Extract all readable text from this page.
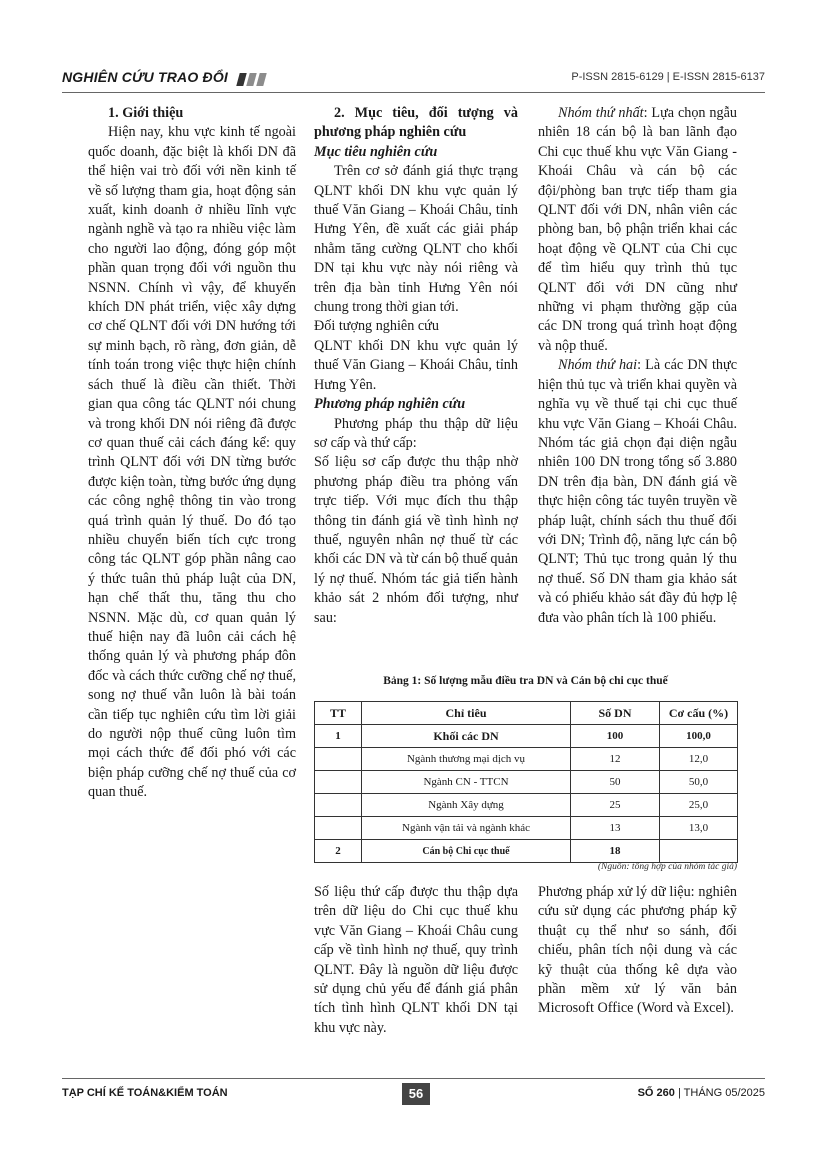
NGHIÊN CỨU TRAO ĐỔI	P-ISSN 2815-6129 | E-ISSN 2815-6137

1. Giới thiệu

Hiện nay, khu vực kinh tế ngoài quốc doanh, đặc biệt là khối DN đã thể hiện vai trò đối với nền kinh tế về số lượng tham gia, hoạt động sản xuất, kinh doanh ở nhiều lĩnh vực ngành nghề và tạo ra nhiều việc làm cho người lao động, đóng góp một phần quan trọng đối với nguồn thu NSNN. Chính vì vậy, để khuyến khích DN phát triển, việc xây dựng cơ chế QLNT đối với DN hướng tới sự minh bạch, rõ ràng, đơn giản, dễ tính toán trong việc thực hiện chính sách thuế là điều cần thiết. Thời gian qua công tác QLNT nói chung và trong khối DN nói riêng đã được cơ quan thuế cải cách đáng kể: quy trình QLNT đối với DN từng bước được kiện toàn, từng bước ứng dụng các công nghệ thông tin vào trong quá trình quản lý thuế. Do đó tạo nhiều chuyển biến tích cực trong công tác QLNT góp phần nâng cao ý thức tuân thủ pháp luật của DN, hạn chế thất thu, tăng thu cho NSNN. Mặc dù, cơ quan quản lý thuế hiện nay đã luôn cải cách hệ thống quản lý và phương pháp đôn đốc và cách thức cưỡng chế nợ thuế, song nợ thuế vẫn luôn là bài toán cần tiếp tục nghiên cứu tìm lời giải do người nộp thuế cũng luôn tìm mọi cách thức để đối phó với các biện pháp cưỡng chế nợ thuế của cơ quan thuế.

2. Mục tiêu, đối tượng và phương pháp nghiên cứu

Mục tiêu nghiên cứu

Trên cơ sở đánh giá thực trạng QLNT khối DN khu vực quản lý thuế Văn Giang – Khoái Châu, tỉnh Hưng Yên, đề xuất các giải pháp nhằm tăng cường QLNT cho khối DN tại khu vực này nói riêng và trên địa bàn tỉnh Hưng Yên nói chung trong thời gian tới.

Đối tượng nghiên cứu

QLNT khối DN khu vực quản lý thuế Văn Giang – Khoái Châu, tỉnh Hưng Yên.

Phương pháp nghiên cứu

Phương pháp thu thập dữ liệu sơ cấp và thứ cấp:

Số liệu sơ cấp được thu thập nhờ phương pháp điều tra phỏng vấn trực tiếp. Với mục đích thu thập thông tin đánh giá về tình hình nợ thuế, nguyên nhân nợ thuế từ các khối các DN và từ cán bộ thuế quản lý nợ thuế. Nhóm tác giả tiến hành khảo sát 2 nhóm đối tượng, như sau:

Nhóm thứ nhất: Lựa chọn ngẫu nhiên 18 cán bộ là ban lãnh đạo Chi cục thuế khu vực Văn Giang - Khoái Châu và cán bộ các đội/phòng ban trực tiếp tham gia QLNT đối với DN, nhân viên các phòng ban, bộ phận triển khai các hoạt động về QLNT của Chi cục để tìm hiểu quy trình thủ tục QLNT đối với DN cũng như những vi phạm thường gặp của các DN trong quá trình hoạt động và nộp thuế.

Nhóm thứ hai: Là các DN thực hiện thủ tục và triển khai quyền và nghĩa vụ về thuế tại chi cục thuế khu vực Văn Giang – Khoái Châu. Nhóm tác giả chọn đại diện ngẫu nhiên 100 DN trong tổng số 3.880 DN trên địa bàn, DN đánh giá về thực hiện công tác tuyên truyền về pháp luật, chính sách thu thuế đối với DN; Trình độ, năng lực cán bộ QLNT; Thủ tục trong quản lý thu nợ thuế. Số DN tham gia khảo sát và có phiếu khảo sát đầy đủ hợp lệ đưa vào phân tích là 100 phiếu.

Bảng 1: Số lượng mẫu điều tra DN và Cán bộ chi cục thuế
TT	Chỉ tiêu	Số DN	Cơ cấu (%)
1	Khối các DN	100	100,0
	Ngành thương mại dịch vụ	12	12,0
	Ngành CN - TTCN	50	50,0
	Ngành Xây dựng	25	25,0
	Ngành vận tải và ngành khác	13	13,0
2	Cán bộ Chi cục thuế	18	
(Nguồn: tổng hợp của nhóm tác giả)

Số liệu thứ cấp được thu thập dựa trên dữ liệu do Chi cục thuế khu vực Văn Giang – Khoái Châu cung cấp về tình hình nợ thuế, quy trình QLNT. Đây là nguồn dữ liệu được sử dụng chủ yếu để đánh giá phân tích tình hình QLNT khối DN tại khu vực này.

Phương pháp xử lý dữ liệu: nghiên cứu sử dụng các phương pháp kỹ thuật cụ thể như so sánh, đối chiếu, phân tích nội dung và các kỹ thuật của thống kê dựa vào phần mềm xử lý văn bản Microsoft Office (Word và Excel).

TẠP CHÍ KẾ TOÁN&KIỂM TOÁN	56	SỐ 260 | THÁNG 05/2025
